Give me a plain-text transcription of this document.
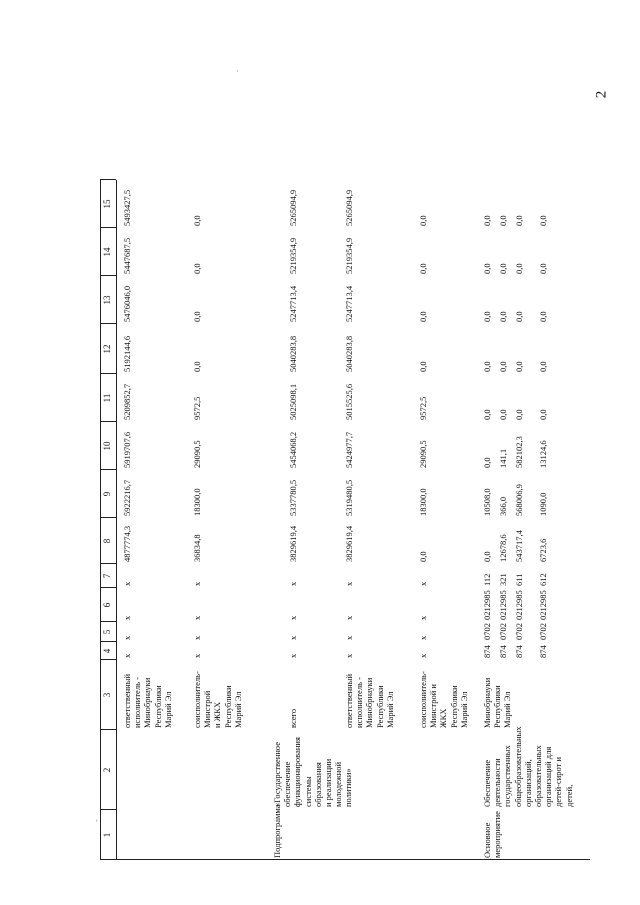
2
'
·
1
2
3
4
5
6
7
8
9
10
11
12
13
14
15
ответственный исполнитель - Минобрнауки Республики Марий Эл
x
x
x
x
4877774,3
5922216,7
5919707,6
5209852,7
5192144,6
5476046,0
5447687,5
5493427,5
соисполнитель- Минстрой и ЖКХ Республики Марий Эл
x
x
x
x
36834,8
18300,0
29090,5
9572,5
0,0
0,0
0,0
0,0
Подпрограмма
«Государственное обеспечение функционирования системы образования и реализации молодежной политики»
всего
x
x
x
x
3829619,4
5337780,5
5454068,2
5025098,1
5040283,8
5247713,4
5219354,9
5265094,9
ответственный исполнитель - Минобрнауки Республики Марий Эл
x
x
x
x
3829619,4
5319480,5
5424977,7
5015525,6
5040283,8
5247713,4
5219354,9
5265094,9
соисполнитель- Минстрой и ЖКХ Республики Марий Эл
x
x
x
x
0,0
18300,0
29090,5
9572,5
0,0
0,0
0,0
0,0
Основное мероприятие
Обеспечение деятельности государственных общеобразовательных организаций, образовательных организаций для детей-сирот и детей,
Минобрнауки Республики Марий Эл
874
0702
0212985
112
0,0
10508,0
0,0
0,0
0,0
0,0
0,0
0,0
874
0702
0212985
321
12678,6
366,0
141,1
0,0
0,0
0,0
0,0
0,0
874
0702
0212985
611
543717,4
568006,9
582102,3
0,0
0,0
0,0
0,0
0,0
874
0702
0212985
612
6723,6
1090,0
13124,6
0,0
0,0
0,0
0,0
0,0
